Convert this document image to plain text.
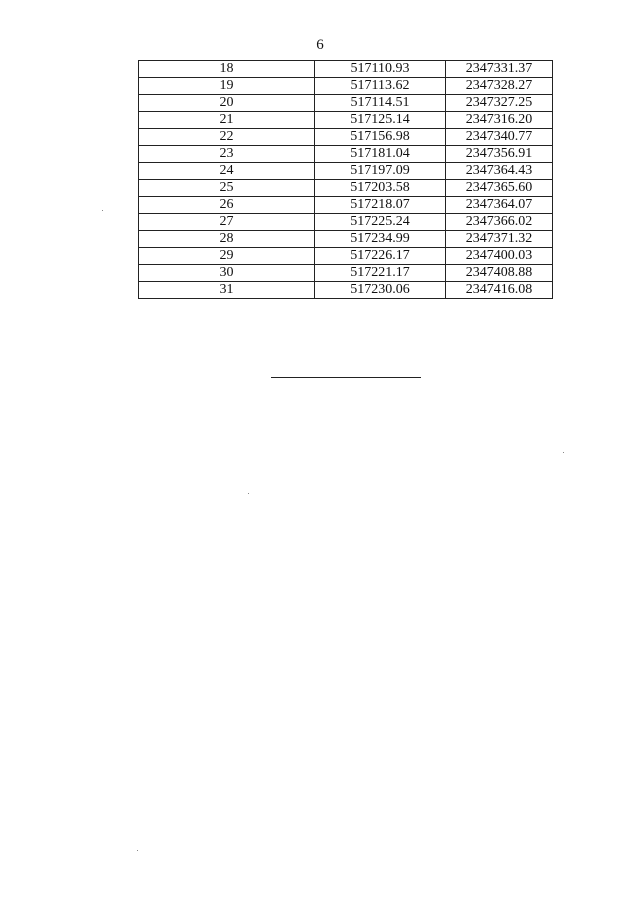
6
18	517110.93	2347331.37
19	517113.62	2347328.27
20	517114.51	2347327.25
21	517125.14	2347316.20
22	517156.98	2347340.77
23	517181.04	2347356.91
24	517197.09	2347364.43
25	517203.58	2347365.60
26	517218.07	2347364.07
27	517225.24	2347366.02
28	517234.99	2347371.32
29	517226.17	2347400.03
30	517221.17	2347408.88
31	517230.06	2347416.08
